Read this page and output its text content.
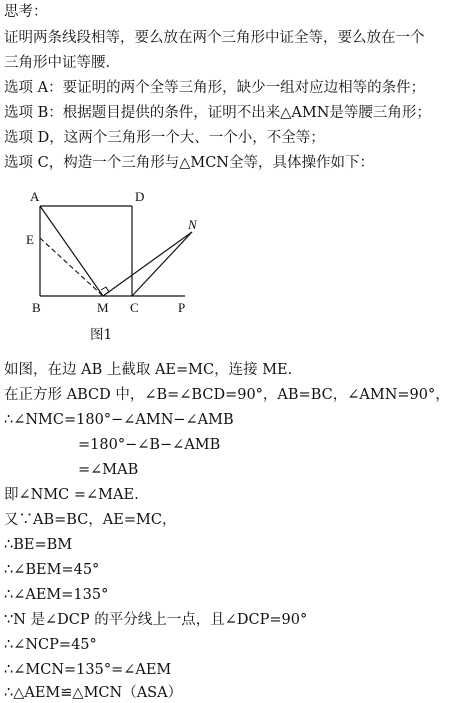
思考：
证明两条线段相等，要么放在两个三角形中证全等，要么放在一个
三角形中证等腰.
选项 A：要证明的两个全等三角形，缺少一组对应边相等的条件；
选项 B：根据题目提供的条件，证明不出来△AMN是等腰三角形；
选项 D，这两个三角形一个大、一个小，不全等；
选项 C，构造一个三角形与△MCN全等，具体操作如下：
A	D
E
N
B	M C	P
图1
如图，在边 AB 上截取 AE=MC，连接 ME.
在正方形 ABCD 中，∠B=∠BCD=90°，AB=BC，∠AMN=90°，
∴∠NMC=180°−∠AMN−∠AMB
=180°−∠B−∠AMB
=∠MAB
即∠NMC =∠MAE.
又∵AB=BC，AE=MC，
∴BE=BM
∴∠BEM=45°
∴∠AEM=135°
∵N 是∠DCP 的平分线上一点，且∠DCP=90°
∴∠NCP=45°
∴∠MCN=135°=∠AEM
∴△AEM≌△MCN（ASA）
